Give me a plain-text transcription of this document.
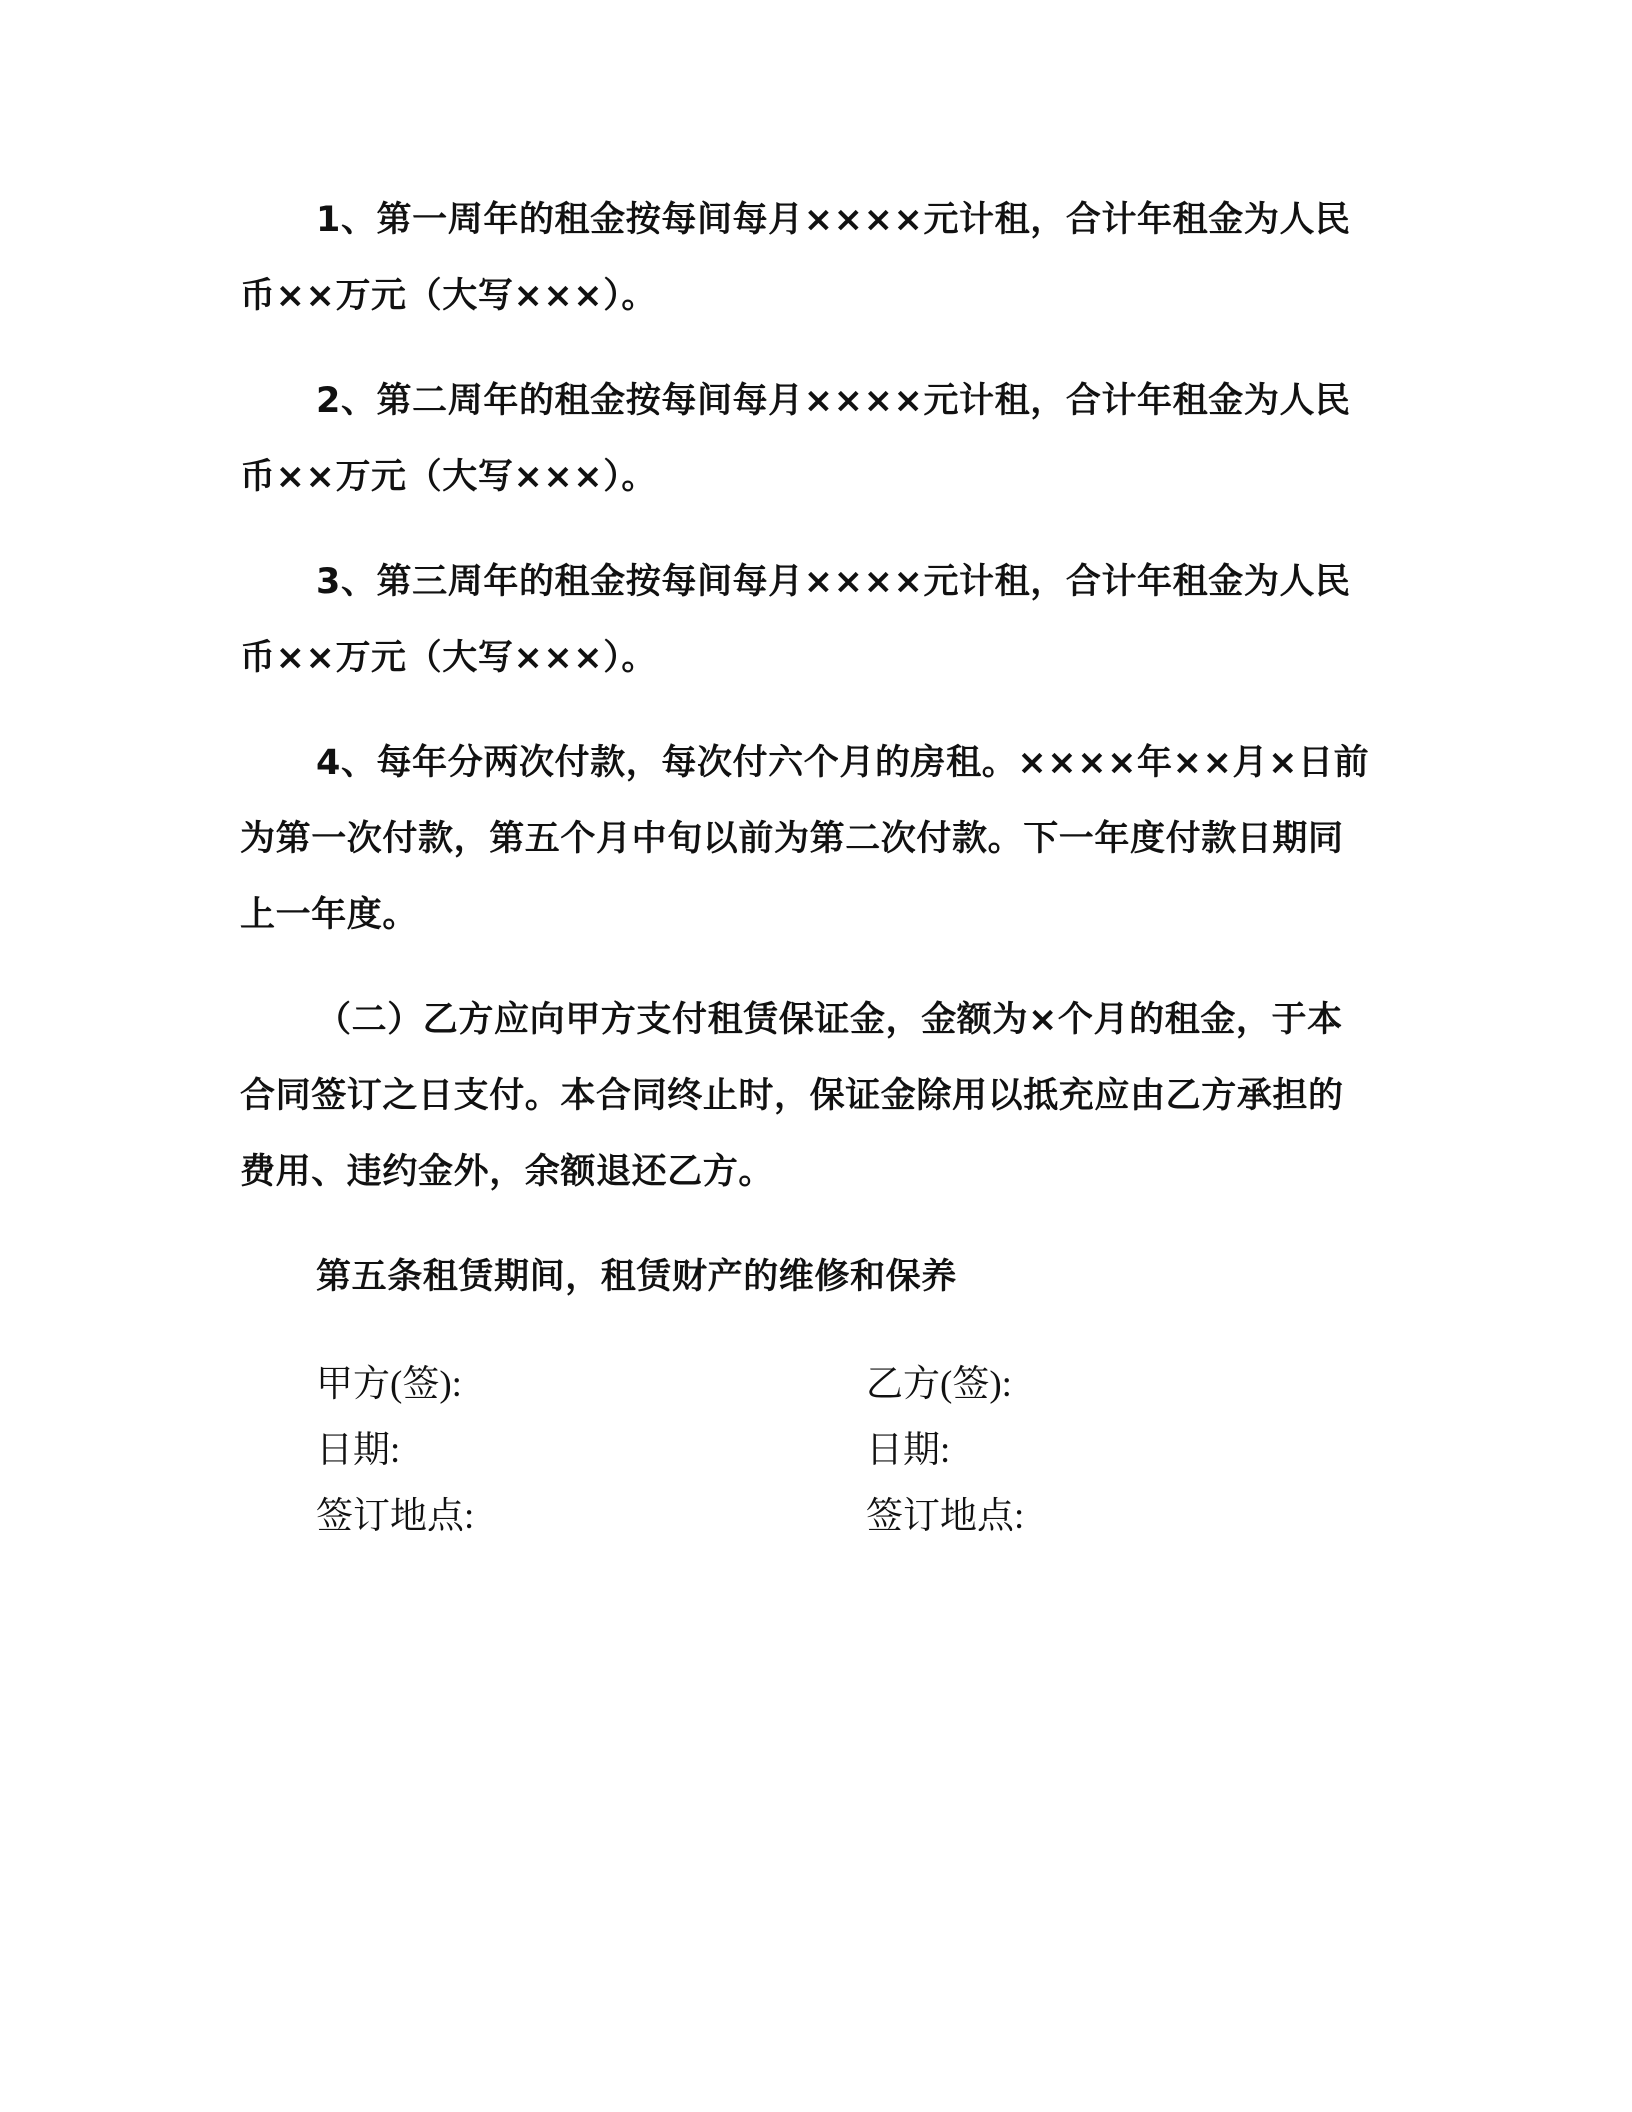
1、第一周年的租金按每间每月××××元计租，合计年租金为人民币××万元（大写×××）。

2、第二周年的租金按每间每月××××元计租，合计年租金为人民币××万元（大写×××）。

3、第三周年的租金按每间每月××××元计租，合计年租金为人民币××万元（大写×××）。

4、每年分两次付款，每次付六个月的房租。××××年××月×日前为第一次付款，第五个月中旬以前为第二次付款。下一年度付款日期同上一年度。

（二）乙方应向甲方支付租赁保证金，金额为×个月的租金，于本合同签订之日支付。本合同终止时，保证金除用以抵充应由乙方承担的费用、违约金外，余额退还乙方。

第五条租赁期间，租赁财产的维修和保养

甲方(签):	乙方(签):
日期:	日期:
签订地点:	签订地点:
